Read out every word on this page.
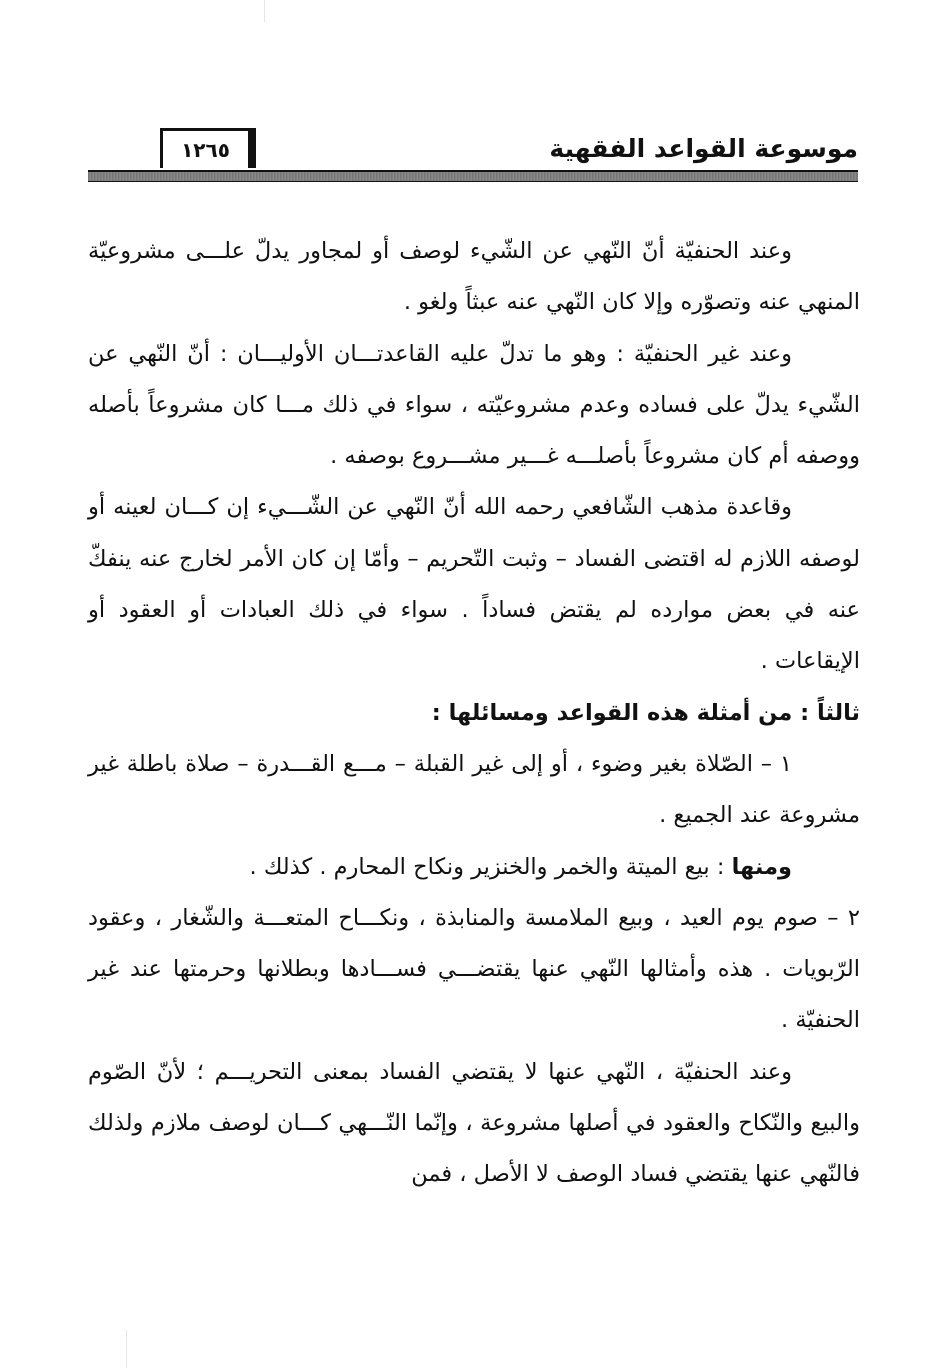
موسوعة القواعد الفقهية
١٢٦٥

وعند الحنفيّة أنّ النّهي عن الشّيء لوصف أو لمجاور يدلّ علـــى مشروعيّة المنهي عنه وتصوّره وإلا كان النّهي عنه عبثاً ولغو .

وعند غير الحنفيّة : وهو ما تدلّ عليه القاعدتـــان الأوليـــان : أنّ النّهي عن الشّيء يدلّ على فساده وعدم مشروعيّته ، سواء في ذلك مـــا كان مشروعاً بأصله ووصفه أم كان مشروعاً بأصلـــه غـــير مشـــروع بوصفه .

وقاعدة مذهب الشّافعي رحمه الله أنّ النّهي عن الشّـــيء إن كـــان لعينه أو لوصفه اللازم له اقتضى الفساد – وثبت التّحريم – وأمّا إن كان الأمر لخارج عنه ينفكّ عنه في بعض موارده لم يقتض فساداً . سواء في ذلك العبادات أو العقود أو الإيقاعات .

ثالثاً : من أمثلة هذه القواعد ومسائلها :

١ – الصّلاة بغير وضوء ، أو إلى غير القبلة – مـــع القـــدرة – صلاة باطلة غير مشروعة عند الجميع .

ومنها : بيع الميتة والخمر والخنزير ونكاح المحارم . كذلك .

٢ – صوم يوم العيد ، وبيع الملامسة والمنابذة ، ونكـــاح المتعـــة والشّغار ، وعقود الرّبويات . هذه وأمثالها النّهي عنها يقتضـــي فســـادها وبطلانها وحرمتها عند غير الحنفيّة .

وعند الحنفيّة ، النّهي عنها لا يقتضي الفساد بمعنى التحريـــم ؛ لأنّ الصّوم والبيع والنّكاح والعقود في أصلها مشروعة ، وإنّما النّـــهي كـــان لوصف ملازم ولذلك فالنّهي عنها يقتضي فساد الوصف لا الأصل ، فمن
